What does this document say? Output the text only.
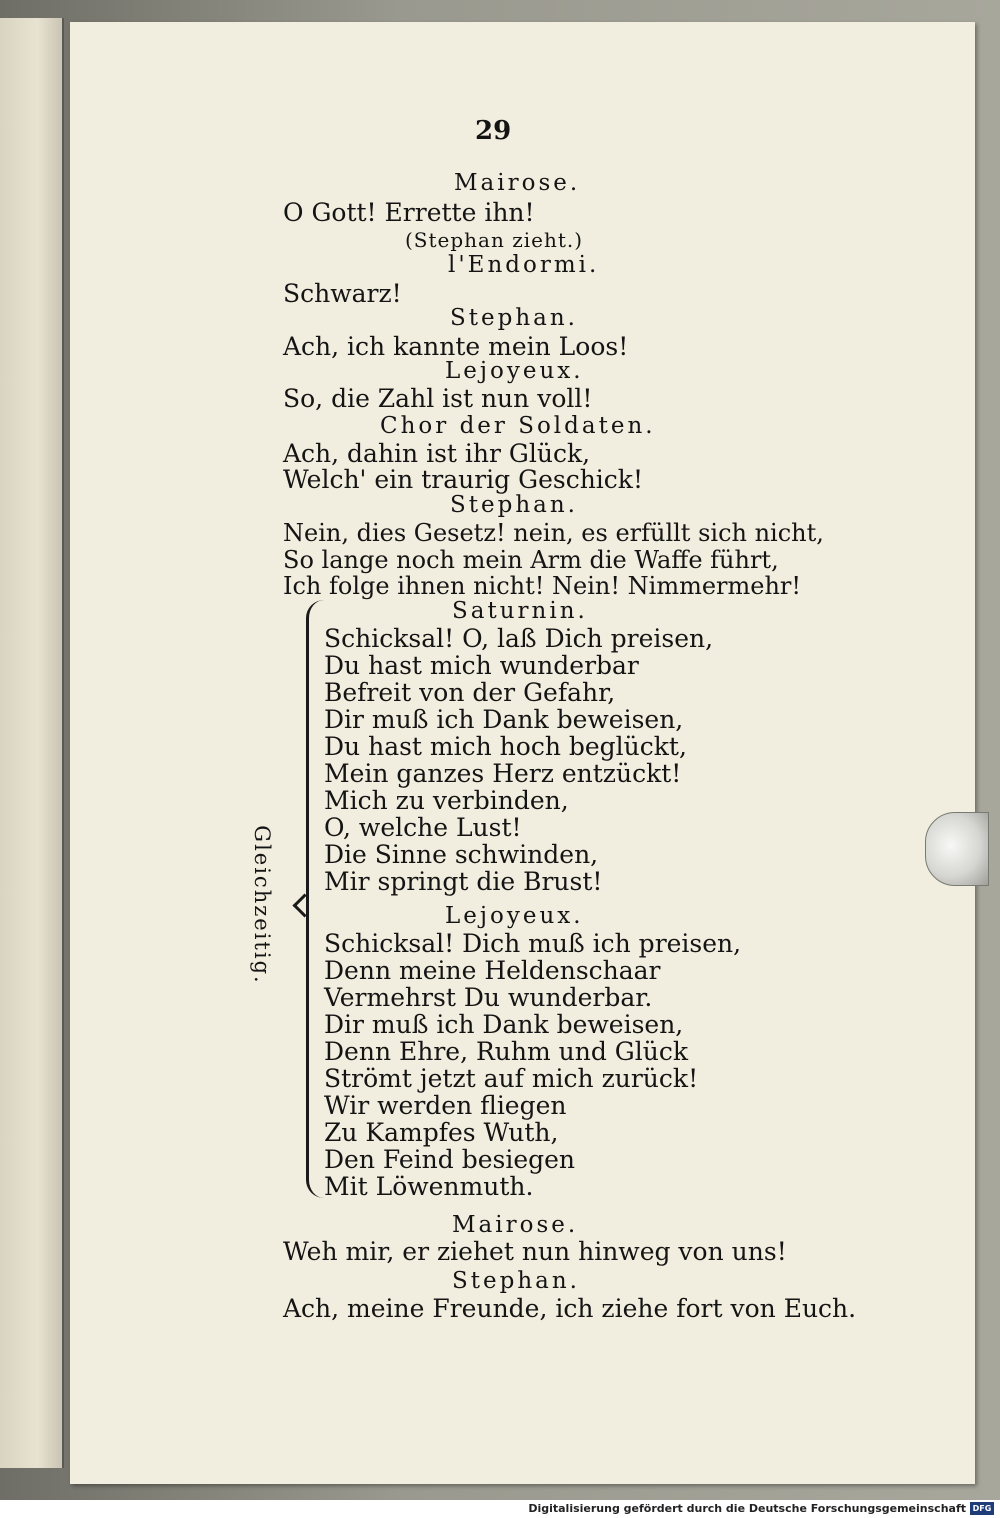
29
Mairose.
O Gott! Errette ihn!
(Stephan zieht.)
l'Endormi.
Schwarz!
Stephan.
Ach, ich kannte mein Loos!
Lejoyeux.
So, die Zahl ist nun voll!
Chor der Soldaten.
Ach, dahin ist ihr Glück,
Welch' ein traurig Geschick!
Stephan.
Nein, dies Gesetz! nein, es erfüllt sich nicht,
So lange noch mein Arm die Waffe führt,
Ich folge ihnen nicht! Nein! Nimmermehr!
Gleichzeitig.
Saturnin.
Schicksal! O, laß Dich preisen,
Du hast mich wunderbar
Befreit von der Gefahr,
Dir muß ich Dank beweisen,
Du hast mich hoch beglückt,
Mein ganzes Herz entzückt!
Mich zu verbinden,
O, welche Lust!
Die Sinne schwinden,
Mir springt die Brust!
Lejoyeux.
Schicksal! Dich muß ich preisen,
Denn meine Heldenschaar
Vermehrst Du wunderbar.
Dir muß ich Dank beweisen,
Denn Ehre, Ruhm und Glück
Strömt jetzt auf mich zurück!
Wir werden fliegen
Zu Kampfes Wuth,
Den Feind besiegen
Mit Löwenmuth.
Mairose.
Weh mir, er ziehet nun hinweg von uns!
Stephan.
Ach, meine Freunde, ich ziehe fort von Euch.
Digitalisierung gefördert durch die Deutsche Forschungsgemeinschaft DFG
